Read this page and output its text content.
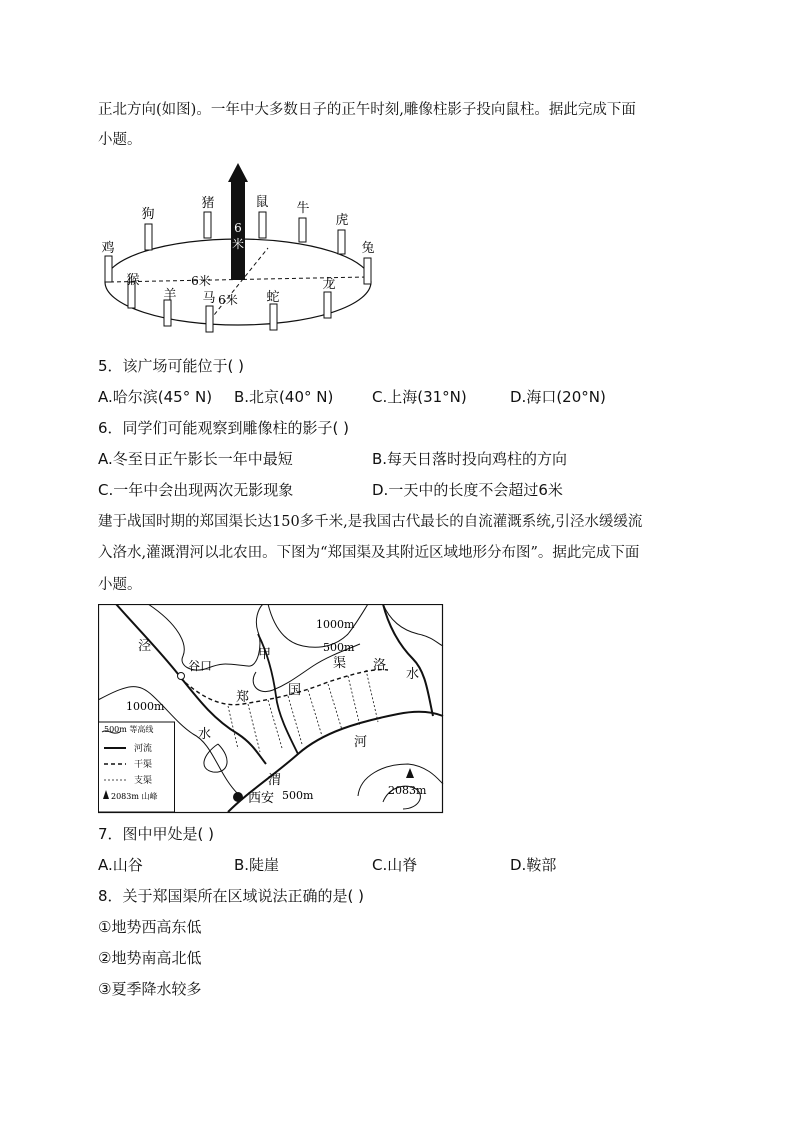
正北方向(如图)。一年中大多数日子的正午时刻,雕像柱影子投向鼠柱。据此完成下面
小题。
6
米
猪	鼠 牛
虎
兔
狗
鸡
猴
羊 马	蛇
龙
6米
6米
5．该广场可能位于( )
A.哈尔滨(45° N) B.北京(40° N)	C.上海(31°N)	D.海口(20°N)
6．同学们可能观察到雕像柱的影子( )
A.冬至日正午影长一年中最短	B.每天日落时投向鸡柱的方向
C.一年中会出现两次无影现象	D.一天中的长度不会超过6米
建于战国时期的郑国渠长达150多千米,是我国古代最长的自流灌溉系统,引泾水缓缓流
入洛水,灌溉渭河以北农田。下图为“郑国渠及其附近区域地形分布图”。据此完成下面
小题。
1000m
500m
1000m
500m
泾
水
谷口
甲
郑	国
渠 洛
水
渭
河
西安
2083m
500m 等高线
河流
干渠
支渠
2083m 山峰
7．图中甲处是( )
A.山谷	B.陡崖	C.山脊	D.鞍部
8．关于郑国渠所在区域说法正确的是( )
①地势西高东低
②地势南高北低
③夏季降水较多
